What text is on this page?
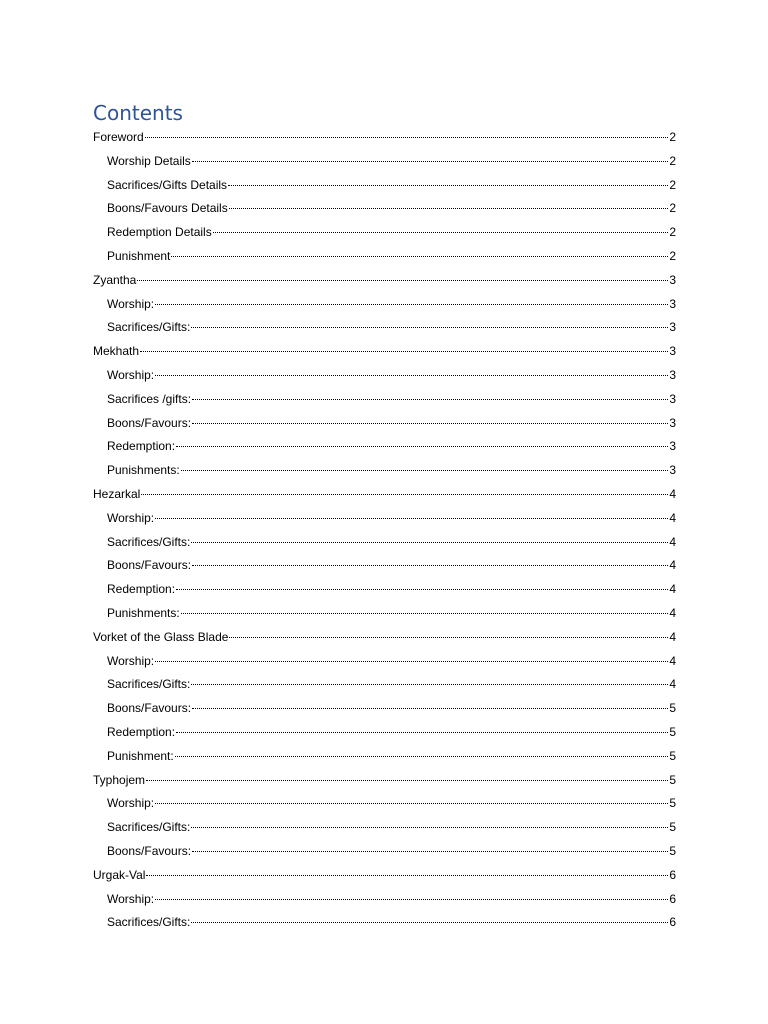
Contents
Foreword	2
Worship Details	2
Sacrifices/Gifts Details	2
Boons/Favours Details	2
Redemption Details	2
Punishment	2
Zyantha	3
Worship:	3
Sacrifices/Gifts:	3
Mekhath	3
Worship:	3
Sacrifices /gifts:	3
Boons/Favours:	3
Redemption:	3
Punishments:	3
Hezarkal	4
Worship:	4
Sacrifices/Gifts:	4
Boons/Favours:	4
Redemption:	4
Punishments:	4
Vorket of the Glass Blade	4
Worship:	4
Sacrifices/Gifts:	4
Boons/Favours:	5
Redemption:	5
Punishment:	5
Typhojem	5
Worship:	5
Sacrifices/Gifts:	5
Boons/Favours:	5
Urgak-Val	6
Worship:	6
Sacrifices/Gifts:	6
